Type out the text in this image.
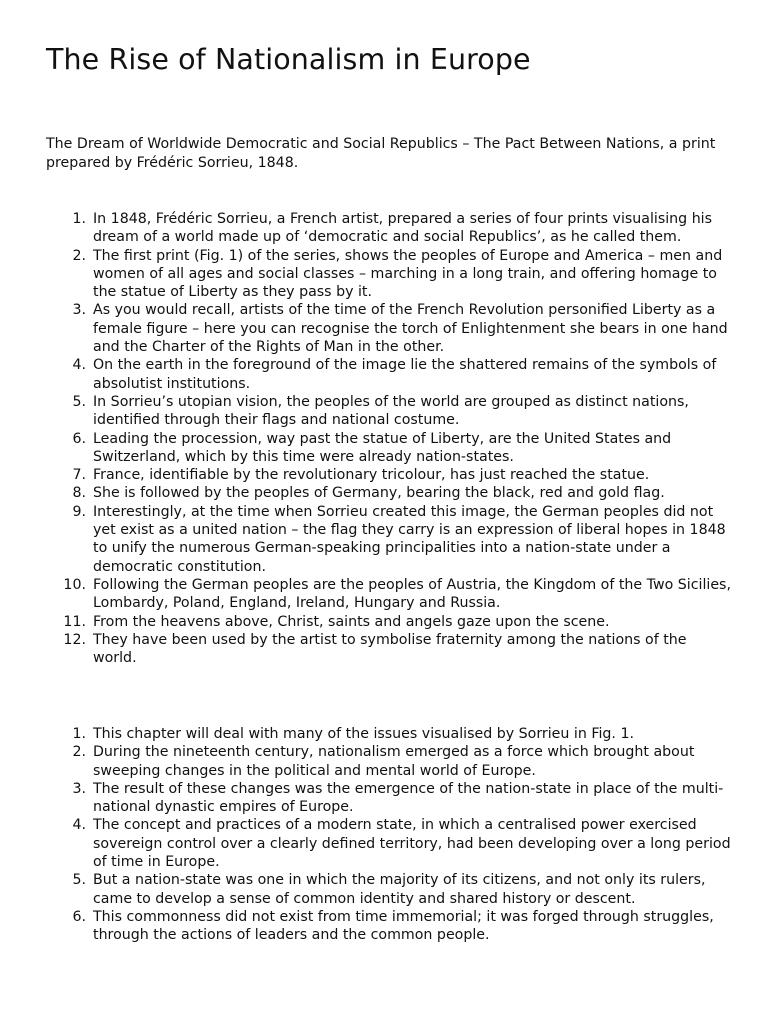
The Rise of Nationalism in Europe

The Dream of Worldwide Democratic and Social Republics – The Pact Between Nations, a print prepared by Frédéric Sorrieu, 1848.

1. In 1848, Frédéric Sorrieu, a French artist, prepared a series of four prints visualising his dream of a world made up of ‘democratic and social Republics’, as he called them.
2. The first print (Fig. 1) of the series, shows the peoples of Europe and America – men and women of all ages and social classes – marching in a long train, and offering homage to the statue of Liberty as they pass by it.
3. As you would recall, artists of the time of the French Revolution personified Liberty as a female figure – here you can recognise the torch of Enlightenment she bears in one hand and the Charter of the Rights of Man in the other.
4. On the earth in the foreground of the image lie the shattered remains of the symbols of absolutist institutions.
5. In Sorrieu’s utopian vision, the peoples of the world are grouped as distinct nations, identified through their flags and national costume.
6. Leading the procession, way past the statue of Liberty, are the United States and Switzerland, which by this time were already nation-states.
7. France, identifiable by the revolutionary tricolour, has just reached the statue.
8. She is followed by the peoples of Germany, bearing the black, red and gold flag.
9. Interestingly, at the time when Sorrieu created this image, the German peoples did not yet exist as a united nation – the flag they carry is an expression of liberal hopes in 1848 to unify the numerous German-speaking principalities into a nation-state under a democratic constitution.
10. Following the German peoples are the peoples of Austria, the Kingdom of the Two Sicilies, Lombardy, Poland, England, Ireland, Hungary and Russia.
11. From the heavens above, Christ, saints and angels gaze upon the scene.
12. They have been used by the artist to symbolise fraternity among the nations of the world.
1. This chapter will deal with many of the issues visualised by Sorrieu in Fig. 1.
2. During the nineteenth century, nationalism emerged as a force which brought about sweeping changes in the political and mental world of Europe.
3. The result of these changes was the emergence of the nation-state in place of the multi-national dynastic empires of Europe.
4. The concept and practices of a modern state, in which a centralised power exercised sovereign control over a clearly defined territory, had been developing over a long period of time in Europe.
5. But a nation-state was one in which the majority of its citizens, and not only its rulers, came to develop a sense of common identity and shared history or descent.
6. This commonness did not exist from time immemorial; it was forged through struggles, through the actions of leaders and the common people.
